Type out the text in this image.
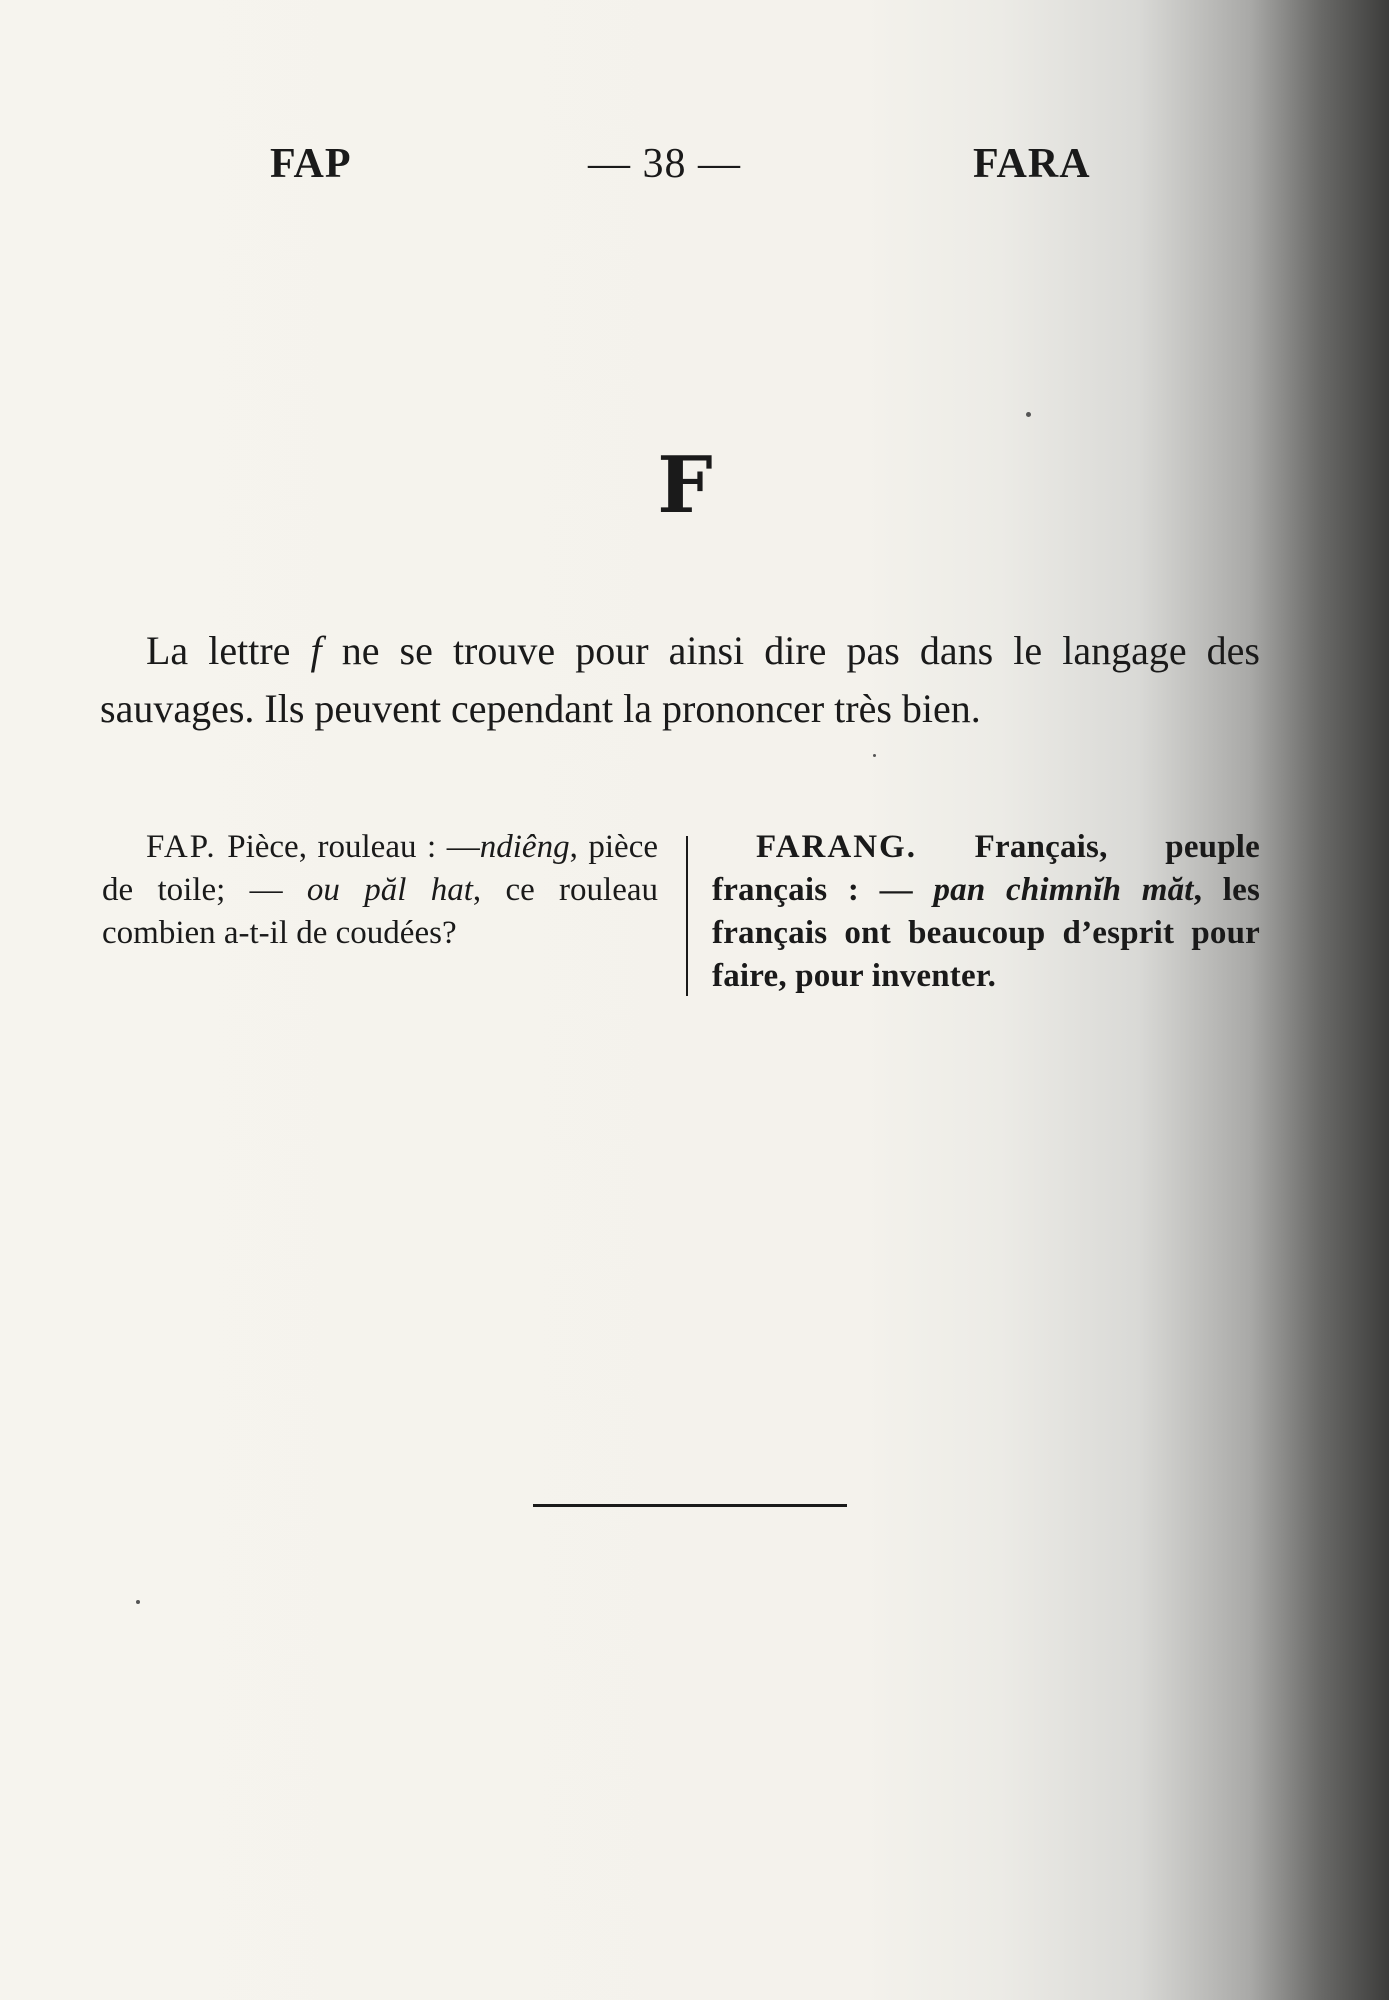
FAP	— 38 —	FARA
F

La lettre f ne se trouve pour ainsi dire pas dans le langage des sauvages. Ils peuvent cependant la prononcer très bien.

FAP. Pièce, rouleau : —ndiêng, pièce de toile; — ou păl hat, ce rouleau combien a-t-il de coudées?

FARANG. Français, peuple français : — pan chimnĭh măt, les français ont beaucoup d’esprit pour faire, pour inventer.
